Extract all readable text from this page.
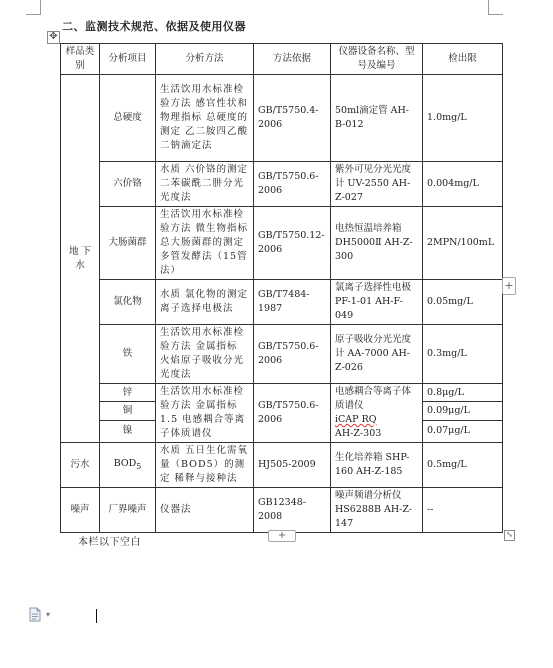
二、监测技术规范、依据及使用仪器
✥
样品类别	分析项目	分析方法	方法依据	仪器设备名称、型号及编号	检出限
地 下 水	总硬度	生活饮用水标准检验方法 感官性状和物理指标 总硬度的测定 乙二胺四乙酸二钠滴定法	GB/T5750.4-2006	50ml滴定管 AH-B-012	1.0mg/L
	六价铬	水质 六价铬的测定 二苯碳酰二肼分光光度法	GB/T5750.6-2006	紫外可见分光光度计 UV-2550 AH-Z-027	0.004mg/L
	大肠菌群	生活饮用水标准检验方法 微生物指标 总大肠菌群的测定 多管发酵法（15管法）	GB/T5750.12-2006	电热恒温培养箱 DH5000Ⅱ AH-Z-300	2MPN/100mL
	氯化物	水质 氯化物的测定 离子选择电极法	GB/T7484-1987	氯离子选择性电极 PF-1-01 AH-F-049	0.05mg/L
	铁	生活饮用水标准检验方法 金属指标 火焰原子吸收分光光度法	GB/T5750.6-2006	原子吸收分光光度计 AA-7000 AH-Z-026	0.3mg/L
	锌	生活饮用水标准检验方法 金属指标 1.5 电感耦合等离子体质谱仪	GB/T5750.6-2006	电感耦合等离子体质谱仪
iCAP RQ
AH-Z-303	0.8μg/L
	铜				0.09μg/L
	镍				0.07μg/L
污水	$BOD_5$	水质 五日生化需氧量（BOD5）的测定 稀释与接种法	HJ505-2009	生化培养箱 SHP-160 AH-Z-185	0.5mg/L
噪声	厂界噪声	仪器法	GB12348-2008	噪声频谱分析仪 HS6288B AH-Z-147	--
+
+	⤡
本栏以下空白
▾
